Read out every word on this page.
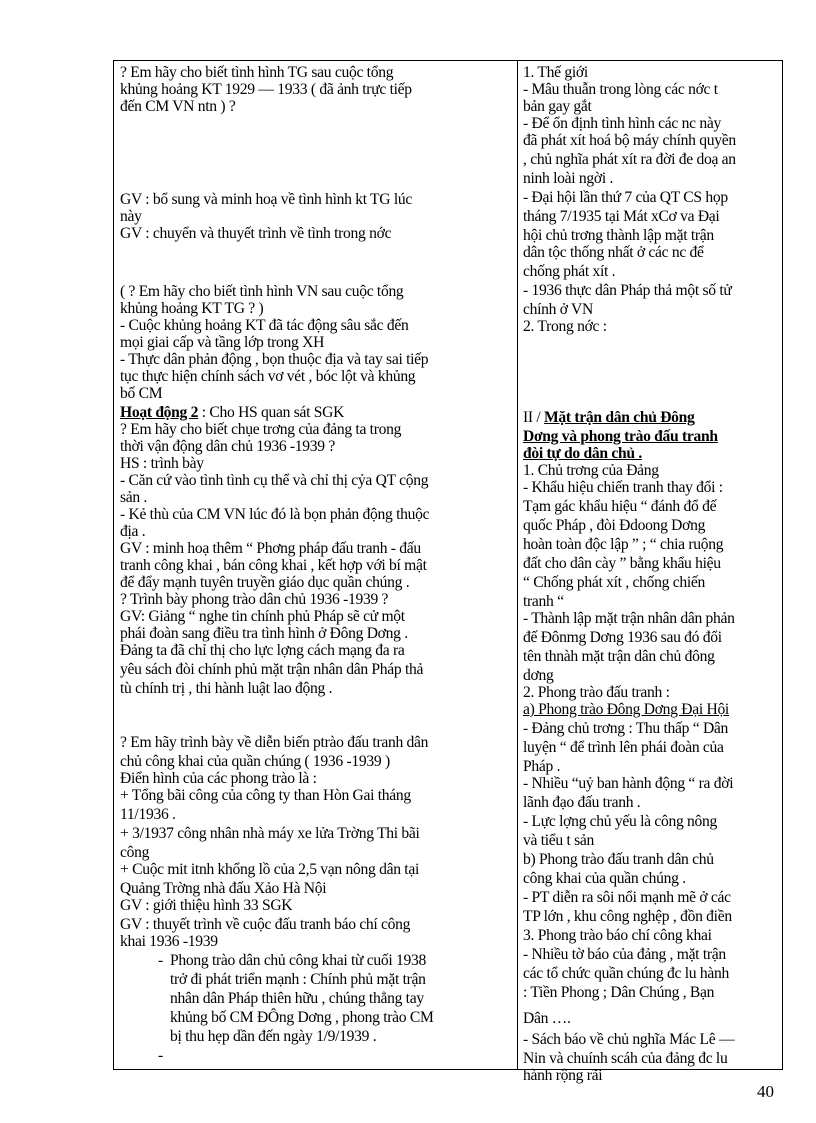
? Em hãy cho biết tình hình TG sau cuộc tổng
khủng hoảng KT 1929 — 1933 ( đã ảnh trực tiếp
đến CM VN ntn ) ?
GV : bổ sung và minh hoạ về tình hình kt TG lúc
này
GV : chuyển và thuyết trình về tình trong nớc
( ? Em hãy cho biết tình hình VN sau cuộc tổng
khủng hoảng KT TG ? )
- Cuộc khủng hoảng KT đã tác động sâu sắc đến
mọi giai cấp và tầng lớp trong XH
- Thực dân phản động , bọn thuộc địa và tay sai tiếp
tục thực hiện chính sách vơ vét , bóc lột và khủng
bố CM
Hoạt động 2 : Cho HS quan sát SGK
? Em hãy cho biết chụe trơng của đảng ta trong
thời vận động dân chủ 1936 -1939 ?
HS : trình bày
- Căn cứ vào tình tình cụ thể và chỉ thị cỷa QT cộng
sản .
- Kẻ thù của CM VN lúc đó là bọn phản động thuộc
địa .
GV : minh hoạ thêm “ Phơng pháp đấu tranh - đấu
tranh công khai , bán công khai , kết hợp với bí mật
để đẩy mạnh tuyên truyền giáo dục quần chúng .
? Trình bày phong trào dân chủ 1936 -1939 ?
GV: Giảng “ nghe tin chính phủ Pháp sẽ cử một
phái đoàn sang điều tra tình hình ở Đông Dơng .
Đảng ta đã chỉ thị cho lực lợng cách mạng đa ra
yêu sách đòi chính phủ mặt trận nhân dân Pháp thả
tù chính trị , thi hành luật lao động .
? Em hãy trình bày về diễn biến ptrào đấu tranh dân
chủ công khai của quần chúng ( 1936 -1939 )
Điển hình của các phong trào là :
+ Tổng bãi công của công ty than Hòn Gai tháng
11/1936 .
+ 3/1937 công nhân nhà máy xe lửa Trờng Thi bãi
công
+ Cuộc mit itnh khổng lồ của 2,5 vạn nông dân tại
Quảng Trờng nhà đấu Xảo Hà Nội
GV : giới thiệu hình 33 SGK
GV : thuyết trình về cuộc đấu tranh báo chí công
khai 1936 -1939
- Phong trào dân chủ công khai từ cuối 1938
trở đi phát triển mạnh : Chính phủ mặt trận
nhân dân Pháp thiên hữu , chúng thẳng tay
khủng bố CM ĐÔng Dơng , phong trào CM
bị thu hẹp dần đến ngày 1/9/1939 .
-
1. Thế giới
- Mâu thuẫn trong lòng các nớc t
bản gay gắt
- Để ổn định tình hình các nc này
đã phát xít hoá bộ máy chính quyền
, chủ nghĩa phát xít ra đời đe doạ an
ninh loài ngời .
- Đại hội lần thứ 7 của QT CS họp
tháng 7/1935 tại Mát xCơ va Đại
hội chủ trơng thành lập mặt trận
dân tộc thống nhất ở các nc để
chống phát xít .
- 1936 thực dân Pháp thả một số tử
chính ở VN
2. Trong nớc :
II / Mặt trận dân chủ Đông
Dơng và phong trào đấu tranh
đòi tự do dân chủ .
1. Chủ trơng của Đảng
- Khẩu hiệu chiến tranh thay đổi :
Tạm gác khẩu hiệu “ đánh đổ đế
quốc Pháp , đòi Đdoong Dơng
hoàn toàn độc lập ” ; “ chia ruộng
đất cho dân cày ” bằng khẩu hiệu
“ Chống phát xít , chống chiến
tranh “
- Thành lập mặt trận nhân dân phản
đế Đônmg Dơng 1936 sau đó đổi
tên thnàh mặt trận dân chủ đông
dơng
2. Phong trào đấu tranh :
a) Phong trào Đông Dơng Đại Hội
- Đảng chủ trơng : Thu thấp “ Dân
luyện “ để trình lên phái đoàn của
Pháp .
- Nhiều “uỷ ban hành động “ ra đời
lãnh đạo đấu tranh .
- Lực lợng chủ yếu là công nông
và tiểu t sản
b) Phong trào đấu tranh dân chủ
công khai của quần chúng .
- PT diễn ra sôi nổi mạnh mẽ ở các
TP lớn , khu công nghệp , đồn điền
3. Phong trào báo chí công khai
- Nhiều tờ báo của đảng , mặt trận
các tổ chức quần chúng đc lu hành
: Tiền Phong ; Dân Chúng , Bạn
Dân ….
- Sách báo về chủ nghĩa Mác Lê —
Nin và chuính scáh của đảng đc lu
hành rộng rãi
40
